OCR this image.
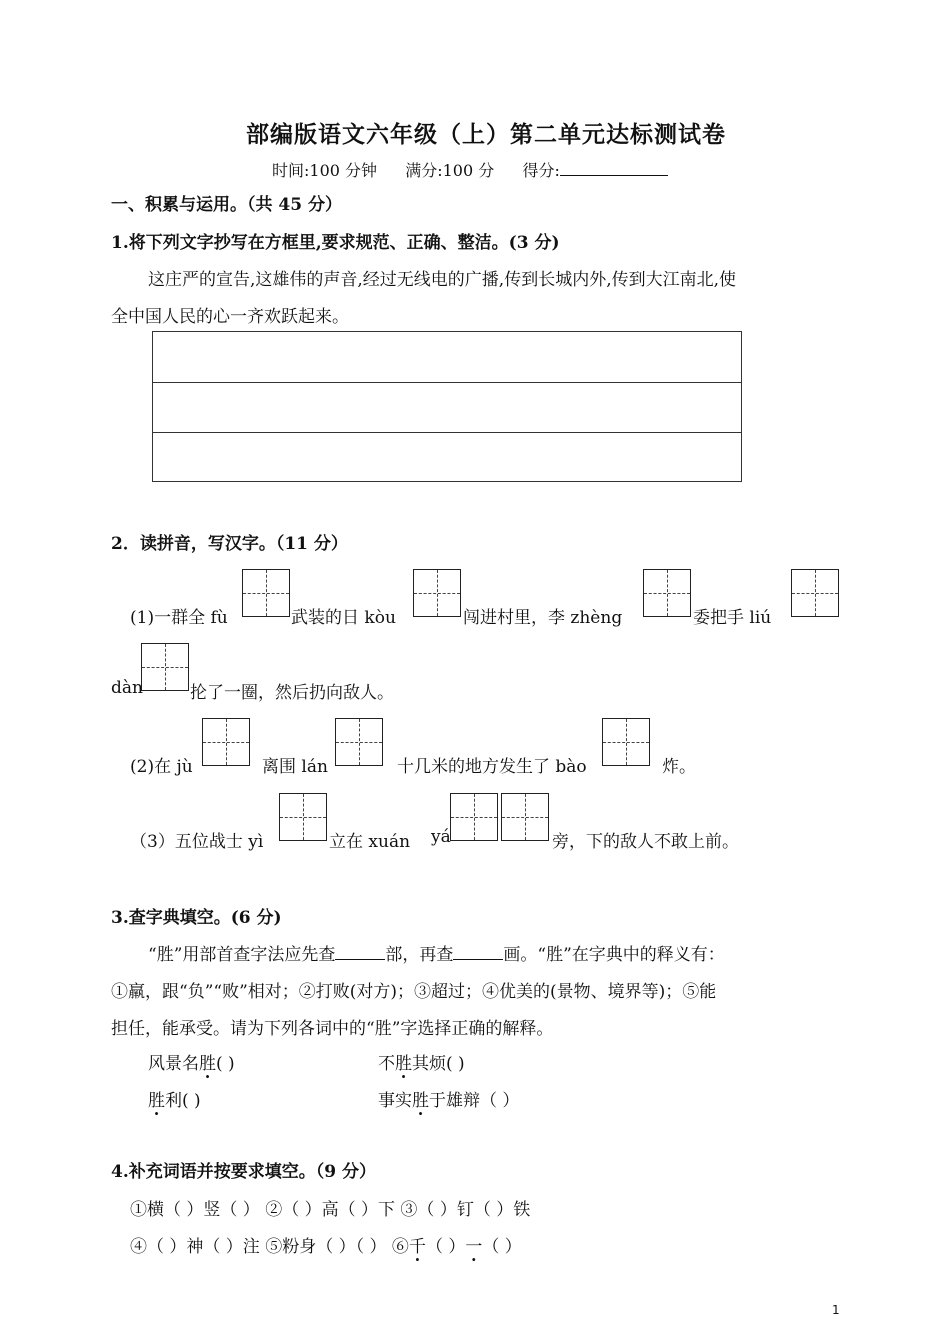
部编版语文六年级（上）第二单元达标测试卷
时间:100 分钟 满分:100 分 得分:
一、积累与运用。（共 45 分）
1.将下列文字抄写在方框里,要求规范、正确、整洁。(3 分)
这庄严的宣告,这雄伟的声音,经过无线电的广播,传到长城内外,传到大江南北,使
全中国人民的心一齐欢跃起来。
2．读拼音，写汉字。（11 分）
(1)一群全 fù	武装的日 kòu	闯进村里，李 zhèng	委把手 liú
dàn	抡了一圈，然后扔向敌人。
(2)在 jù	离围 lán	十几米的地方发生了 bào	炸。
（3）五位战士 yì	立在 xuán yá	旁，下的敌人不敢上前。
3.查字典填空。(6 分)
“胜”用部首查字法应先查	部，再查	画。“胜”在字典中的释义有：
①羸，跟“负”“败”相对；②打败(对方)；③超过；④优美的(景物、境界等)；⑤能
担任，能承受。请为下列各词中的“胜”字选择正确的解释。
风景名胜( )	不胜其烦( )
胜利( )	事实胜于雄辩（ ）
4.补充词语并按要求填空。（9 分）
①横（ ）竖（ ） ②（ ）高（ ）下 ③（ ）钉（ ）铁
④（ ）神（ ）注 ⑤粉身（ ）（ ） ⑥千（ ）一（ ）
1
